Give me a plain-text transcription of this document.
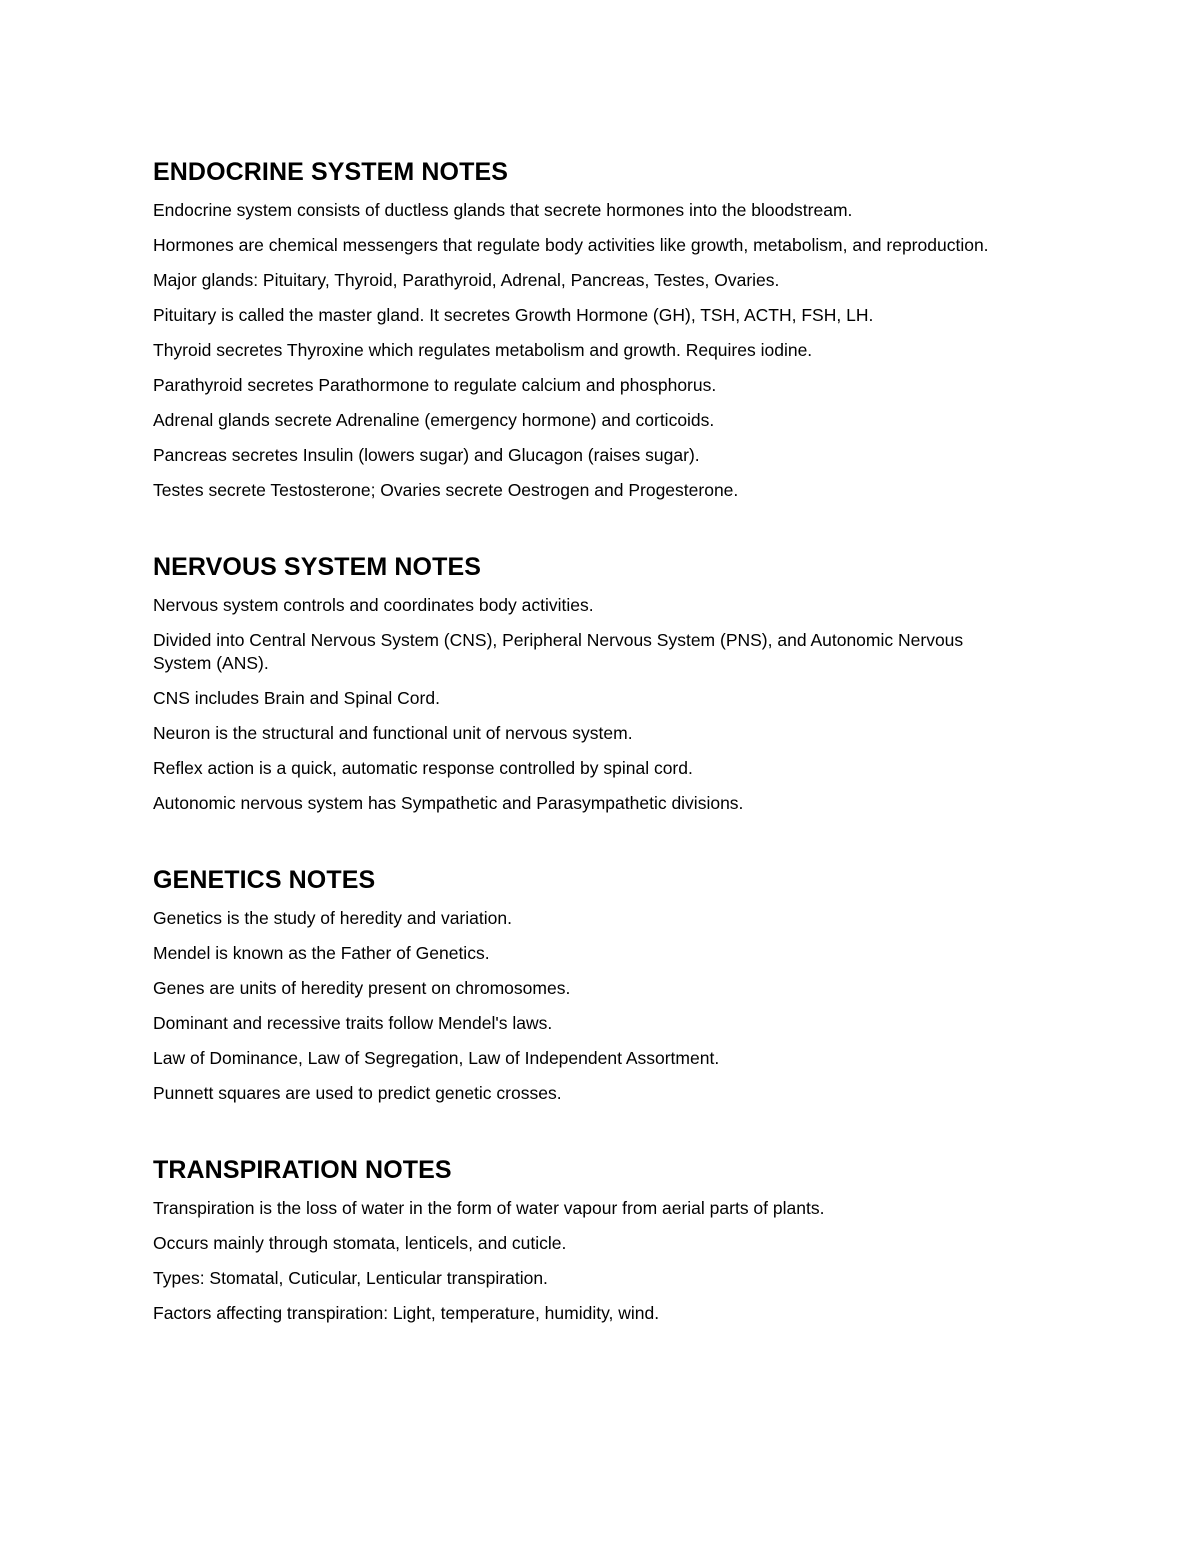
ENDOCRINE SYSTEM NOTES
Endocrine system consists of ductless glands that secrete hormones into the bloodstream.
Hormones are chemical messengers that regulate body activities like growth, metabolism, and reproduction.
Major glands: Pituitary, Thyroid, Parathyroid, Adrenal, Pancreas, Testes, Ovaries.
Pituitary is called the master gland. It secretes Growth Hormone (GH), TSH, ACTH, FSH, LH.
Thyroid secretes Thyroxine which regulates metabolism and growth. Requires iodine.
Parathyroid secretes Parathormone to regulate calcium and phosphorus.
Adrenal glands secrete Adrenaline (emergency hormone) and corticoids.
Pancreas secretes Insulin (lowers sugar) and Glucagon (raises sugar).
Testes secrete Testosterone; Ovaries secrete Oestrogen and Progesterone.
NERVOUS SYSTEM NOTES
Nervous system controls and coordinates body activities.
Divided into Central Nervous System (CNS), Peripheral Nervous System (PNS), and Autonomic Nervous System (ANS).
CNS includes Brain and Spinal Cord.
Neuron is the structural and functional unit of nervous system.
Reflex action is a quick, automatic response controlled by spinal cord.
Autonomic nervous system has Sympathetic and Parasympathetic divisions.
GENETICS NOTES
Genetics is the study of heredity and variation.
Mendel is known as the Father of Genetics.
Genes are units of heredity present on chromosomes.
Dominant and recessive traits follow Mendel's laws.
Law of Dominance, Law of Segregation, Law of Independent Assortment.
Punnett squares are used to predict genetic crosses.
TRANSPIRATION NOTES
Transpiration is the loss of water in the form of water vapour from aerial parts of plants.
Occurs mainly through stomata, lenticels, and cuticle.
Types: Stomatal, Cuticular, Lenticular transpiration.
Factors affecting transpiration: Light, temperature, humidity, wind.
